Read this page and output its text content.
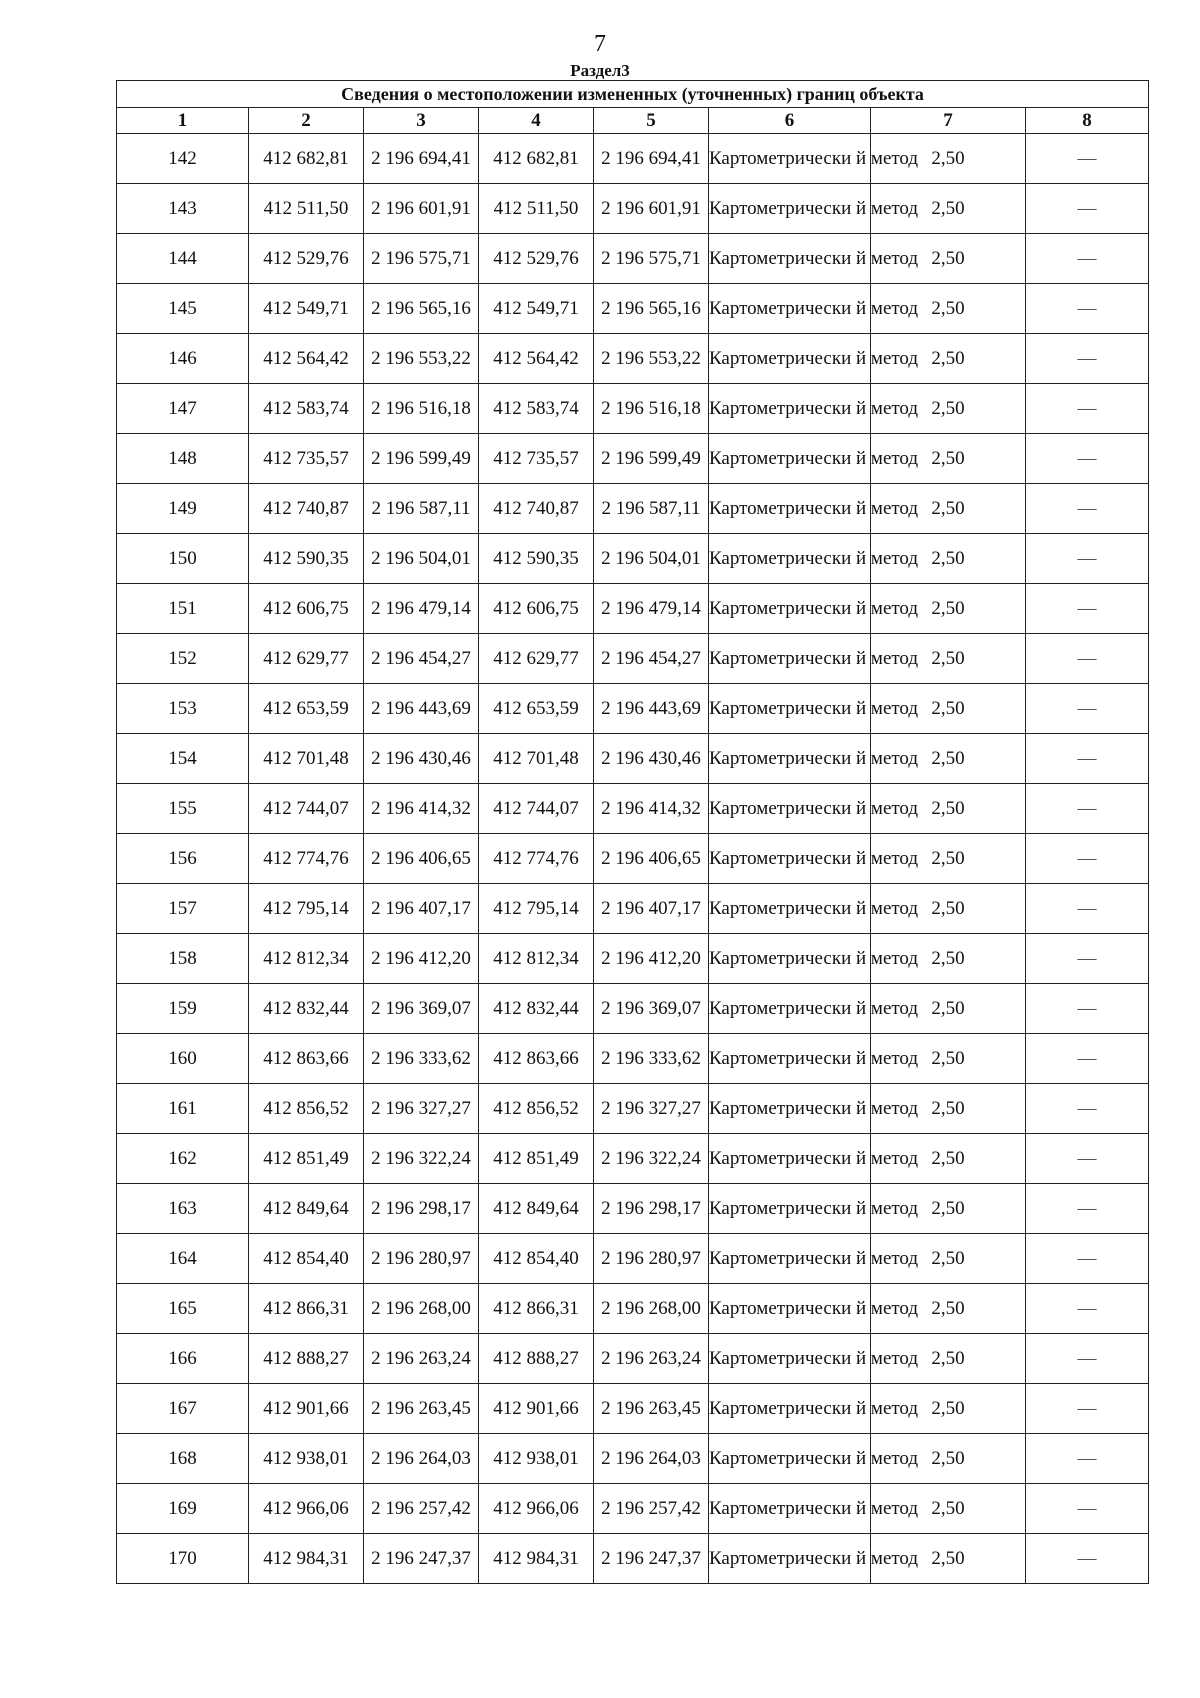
7
Раздел3
Сведения о местоположении измененных (уточненных) границ объекта							
1	2	3	4	5	6	7	8
142	412 682,81	2 196 694,41	412 682,81	2 196 694,41	Картометрически й метод	2,50	—
143	412 511,50	2 196 601,91	412 511,50	2 196 601,91	Картометрически й метод	2,50	—
144	412 529,76	2 196 575,71	412 529,76	2 196 575,71	Картометрически й метод	2,50	—
145	412 549,71	2 196 565,16	412 549,71	2 196 565,16	Картометрически й метод	2,50	—
146	412 564,42	2 196 553,22	412 564,42	2 196 553,22	Картометрически й метод	2,50	—
147	412 583,74	2 196 516,18	412 583,74	2 196 516,18	Картометрически й метод	2,50	—
148	412 735,57	2 196 599,49	412 735,57	2 196 599,49	Картометрически й метод	2,50	—
149	412 740,87	2 196 587,11	412 740,87	2 196 587,11	Картометрически й метод	2,50	—
150	412 590,35	2 196 504,01	412 590,35	2 196 504,01	Картометрически й метод	2,50	—
151	412 606,75	2 196 479,14	412 606,75	2 196 479,14	Картометрически й метод	2,50	—
152	412 629,77	2 196 454,27	412 629,77	2 196 454,27	Картометрически й метод	2,50	—
153	412 653,59	2 196 443,69	412 653,59	2 196 443,69	Картометрически й метод	2,50	—
154	412 701,48	2 196 430,46	412 701,48	2 196 430,46	Картометрически й метод	2,50	—
155	412 744,07	2 196 414,32	412 744,07	2 196 414,32	Картометрически й метод	2,50	—
156	412 774,76	2 196 406,65	412 774,76	2 196 406,65	Картометрически й метод	2,50	—
157	412 795,14	2 196 407,17	412 795,14	2 196 407,17	Картометрически й метод	2,50	—
158	412 812,34	2 196 412,20	412 812,34	2 196 412,20	Картометрически й метод	2,50	—
159	412 832,44	2 196 369,07	412 832,44	2 196 369,07	Картометрически й метод	2,50	—
160	412 863,66	2 196 333,62	412 863,66	2 196 333,62	Картометрически й метод	2,50	—
161	412 856,52	2 196 327,27	412 856,52	2 196 327,27	Картометрически й метод	2,50	—
162	412 851,49	2 196 322,24	412 851,49	2 196 322,24	Картометрически й метод	2,50	—
163	412 849,64	2 196 298,17	412 849,64	2 196 298,17	Картометрически й метод	2,50	—
164	412 854,40	2 196 280,97	412 854,40	2 196 280,97	Картометрически й метод	2,50	—
165	412 866,31	2 196 268,00	412 866,31	2 196 268,00	Картометрически й метод	2,50	—
166	412 888,27	2 196 263,24	412 888,27	2 196 263,24	Картометрически й метод	2,50	—
167	412 901,66	2 196 263,45	412 901,66	2 196 263,45	Картометрически й метод	2,50	—
168	412 938,01	2 196 264,03	412 938,01	2 196 264,03	Картометрически й метод	2,50	—
169	412 966,06	2 196 257,42	412 966,06	2 196 257,42	Картометрически й метод	2,50	—
170	412 984,31	2 196 247,37	412 984,31	2 196 247,37	Картометрически й метод	2,50	—
